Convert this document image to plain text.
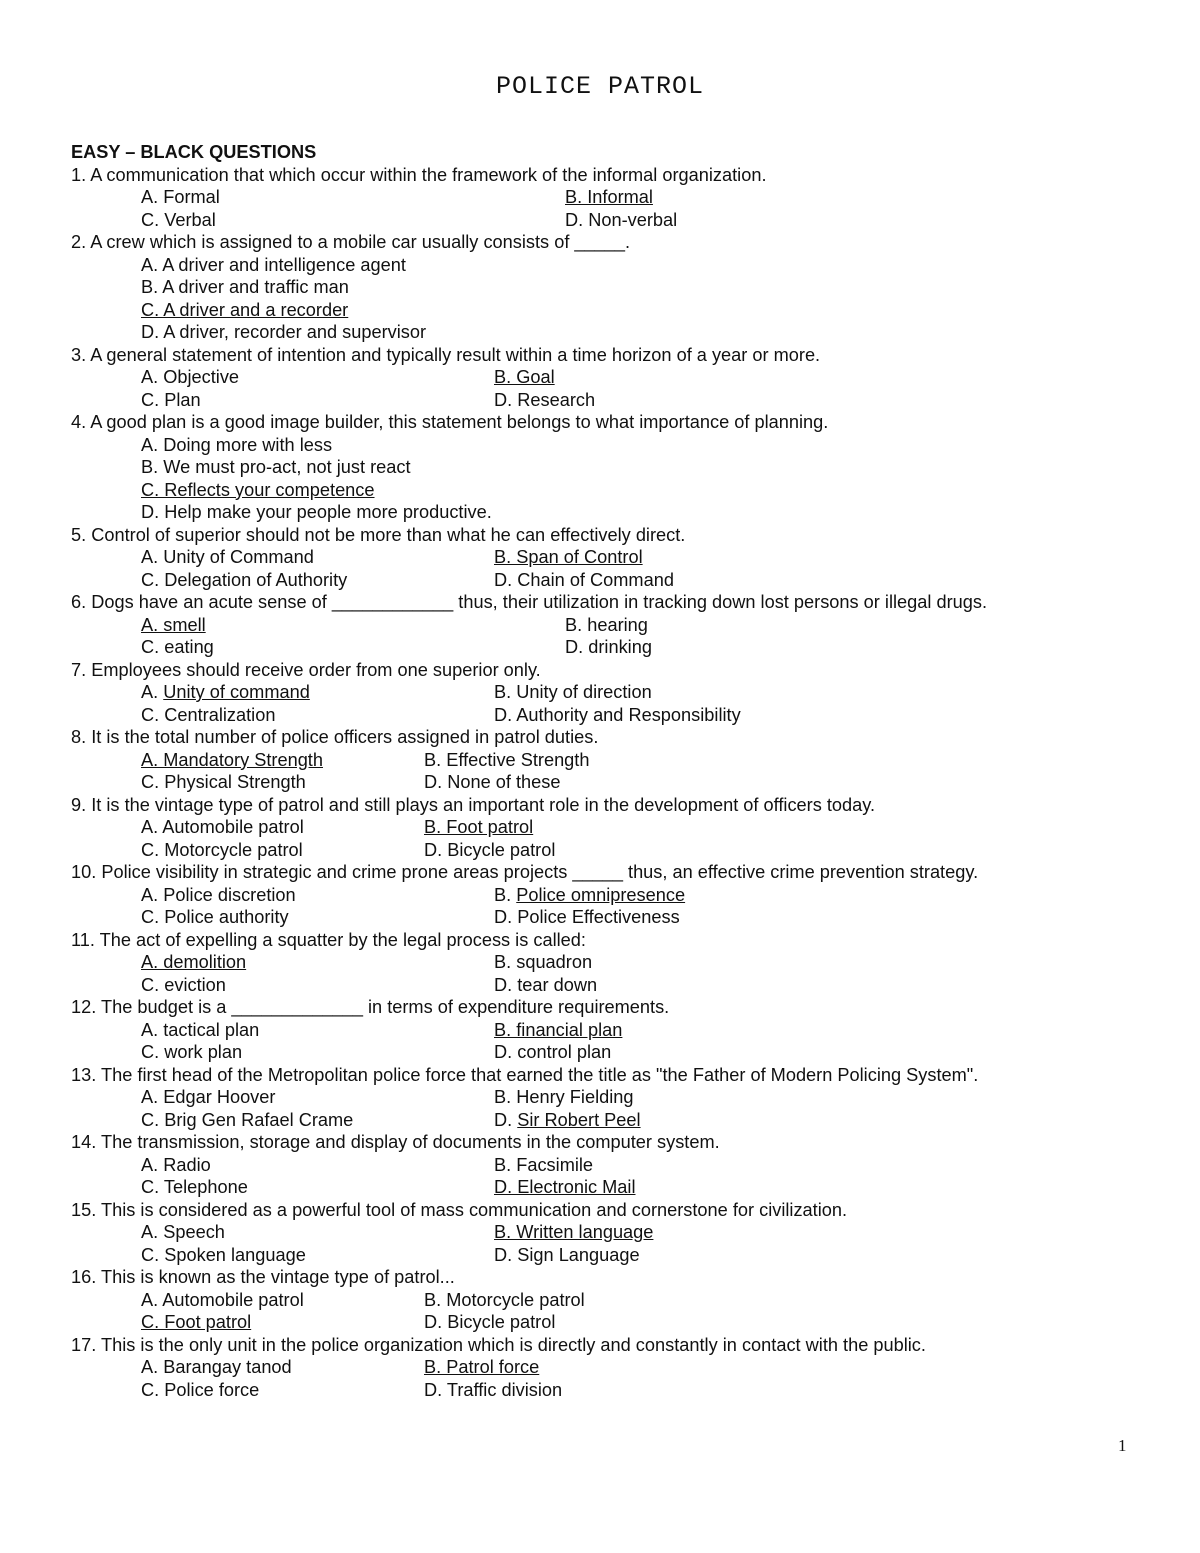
POLICE PATROL
EASY – BLACK QUESTIONS
1. A communication that which occur within the framework of the informal organization.
A. Formal	B. Informal
C. Verbal	D. Non-verbal
2. A crew which is assigned to a mobile car usually consists of _____.
A. A driver and intelligence agent
B. A driver and traffic man
C. A driver and a recorder
D. A driver, recorder and supervisor
3. A general statement of intention and typically result within a time horizon of a year or more.
A. Objective	B. Goal
C. Plan	D. Research
4. A good plan is a good image builder, this statement belongs to what importance of planning.
A. Doing more with less
B. We must pro-act, not just react
C. Reflects your competence
D. Help make your people more productive.
5. Control of superior should not be more than what he can effectively direct.
A. Unity of Command	B. Span of Control
C. Delegation of Authority	D. Chain of Command
6. Dogs have an acute sense of ____________ thus, their utilization in tracking down lost persons or illegal drugs.
A. smell	B. hearing
C. eating	D. drinking
7. Employees should receive order from one superior only.
A. Unity of command	B. Unity of direction
C. Centralization	D. Authority and Responsibility
8. It is the total number of police officers assigned in patrol duties.
A. Mandatory Strength	B. Effective Strength
C. Physical Strength	D. None of these
9. It is the vintage type of patrol and still plays an important role in the development of officers today.
A. Automobile patrol	B. Foot patrol
C. Motorcycle patrol	D. Bicycle patrol
10. Police visibility in strategic and crime prone areas projects _____ thus, an effective crime prevention strategy.
A. Police discretion	B. Police omnipresence
C. Police authority	D. Police Effectiveness
11. The act of expelling a squatter by the legal process is called:
A. demolition	B. squadron
C. eviction	D. tear down
12. The budget is a _____________ in terms of expenditure requirements.
A. tactical plan	B. financial plan
C. work plan	D. control plan
13. The first head of the Metropolitan police force that earned the title as "the Father of Modern Policing System".
A. Edgar Hoover	B. Henry Fielding
C. Brig Gen Rafael Crame	D. Sir Robert Peel
14. The transmission, storage and display of documents in the computer system.
A. Radio	B. Facsimile
C. Telephone	D. Electronic Mail
15. This is considered as a powerful tool of mass communication and cornerstone for civilization.
A. Speech	B. Written language
C. Spoken language	D. Sign Language
16. This is known as the vintage type of patrol...
A. Automobile patrol	B. Motorcycle patrol
C. Foot patrol	D. Bicycle patrol
17. This is the only unit in the police organization which is directly and constantly in contact with the public.
A. Barangay tanod	B. Patrol force
C. Police force	D. Traffic division
1
